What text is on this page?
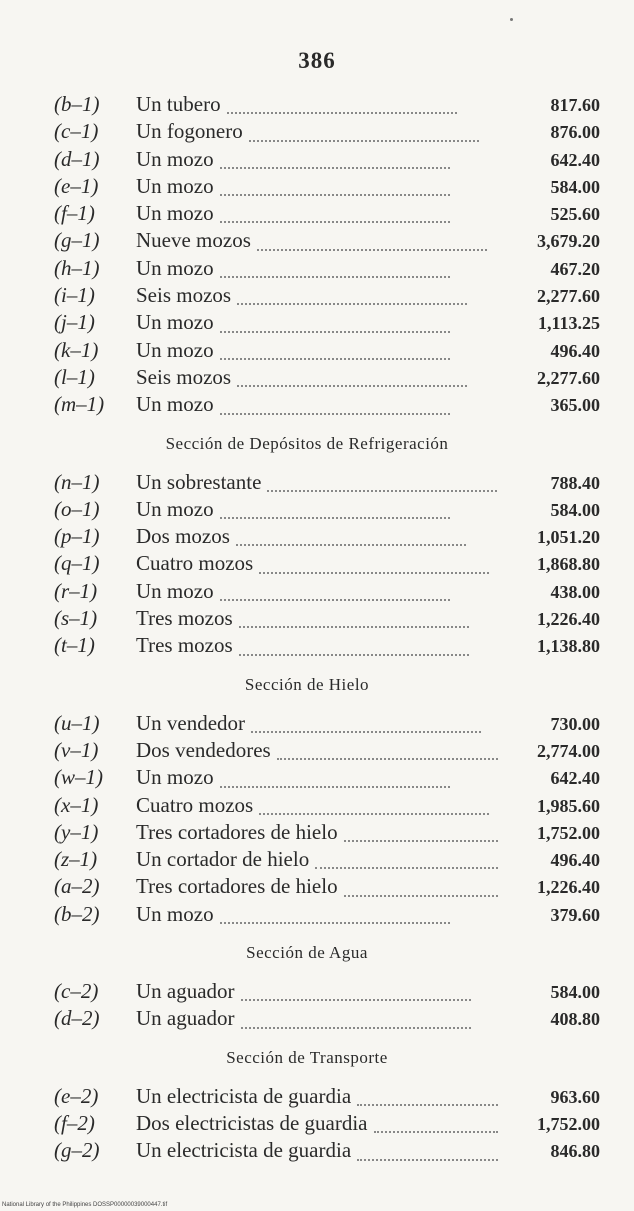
386
(b–1)	Un tubero	817.60
(c–1)	Un fogonero	876.00
(d–1)	Un mozo	642.40
(e–1)	Un mozo	584.00
(f–1)	Un mozo	525.60
(g–1)	Nueve mozos	3,679.20
(h–1)	Un mozo	467.20
(i–1)	Seis mozos	2,277.60
(j–1)	Un mozo	1,113.25
(k–1)	Un mozo	496.40
(l–1)	Seis mozos	2,277.60
(m–1)	Un mozo	365.00
Sección de Depósitos de Refrigeración
(n–1)	Un sobrestante	788.40
(o–1)	Un mozo	584.00
(p–1)	Dos mozos	1,051.20
(q–1)	Cuatro mozos	1,868.80
(r–1)	Un mozo	438.00
(s–1)	Tres mozos	1,226.40
(t–1)	Tres mozos	1,138.80
Sección de Hielo
(u–1)	Un vendedor	730.00
(v–1)	Dos vendedores	2,774.00
(w–1)	Un mozo	642.40
(x–1)	Cuatro mozos	1,985.60
(y–1)	Tres cortadores de hielo	1,752.00
(z–1)	Un cortador de hielo	496.40
(a–2)	Tres cortadores de hielo	1,226.40
(b–2)	Un mozo	379.60
Sección de Agua
(c–2)	Un aguador	584.00
(d–2)	Un aguador	408.80
Sección de Transporte
(e–2)	Un electricista de guardia	963.60
(f–2)	Dos electricistas de guardia	1,752.00
(g–2)	Un electricista de guardia	846.80
National Library of the Philippines DOSSP00000039000447.tif
